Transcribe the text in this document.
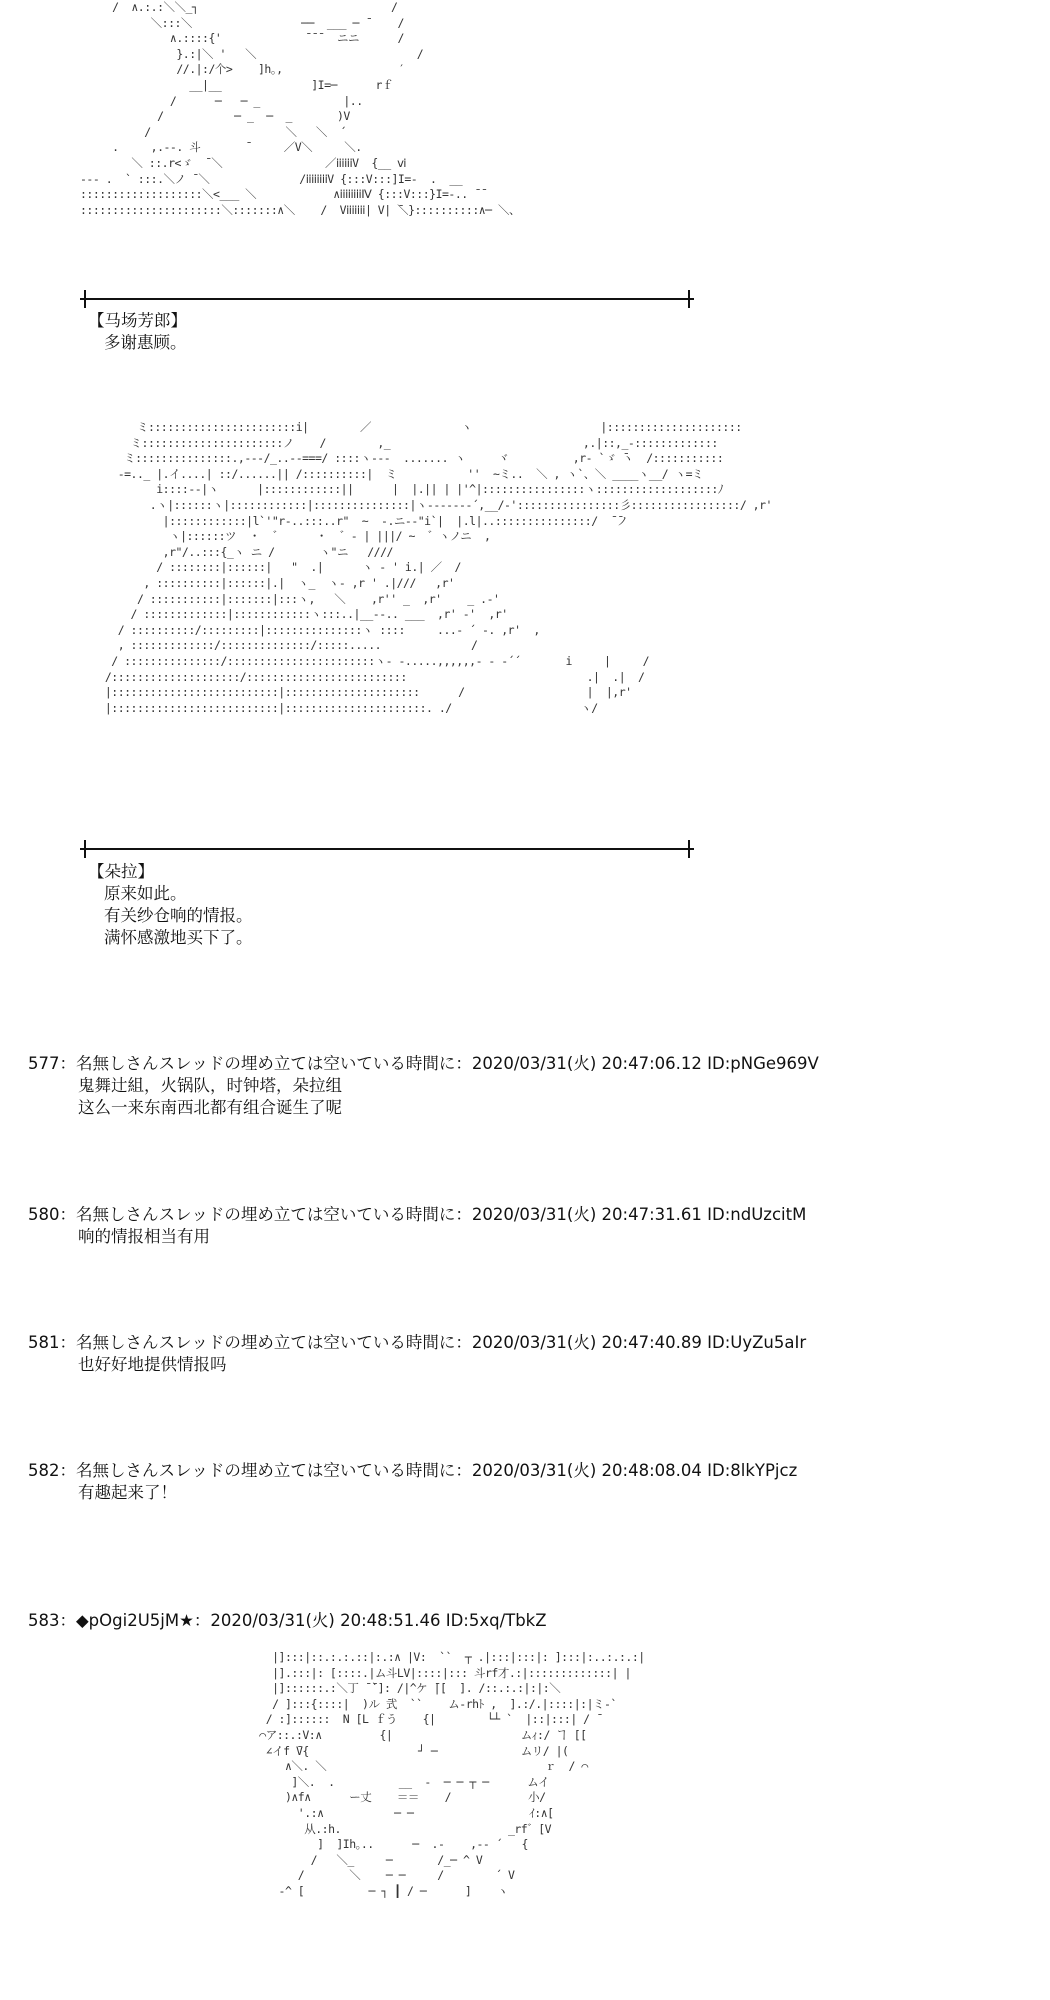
/  ∧.:.:＼＼_┐                              /
＼:::＼                 ──  ___ ─ ̄     /
∧.::::{'             ̄ ̄ ̄   ニニ      /
}.:|＼ '   ＼                         /
//.|:/个>    ]h｡,                  ′
__|__              ]I=─      rｆ
/      ─   ─ _             |..
/           ─ _  ─  _       )V
/                     ＼   ＼  ´
.     ,.-‐. 斗       ̄      ／V＼     ＼.
＼ ::.r<ゞ  ̄ ＼                ／ⅰⅰⅰⅰⅰⅰV  {__ ⅵ
--‐ .  ` :::.＼ノ ̄ ＼              /ⅰⅰⅰⅰⅰⅰⅰⅰV {:::V:::]I=-  .  __
:::::::::::::::::::＼<___ ＼            ∧ⅰⅰⅰⅰⅰⅰⅰⅰⅣ {:::V:::}I=-.. ̄ ̄
::::::::::::::::::::::＼:::::::∧＼    /  Vⅰⅰⅰⅰⅰⅰⅰ| V| ̄＼}::::::::::∧─ ＼、

【马场芳郎】
多谢惠顾。
ミ:::::::::::::::::::::::i|        ／              ヽ                    |:::::::::::::::::::::
ミ::::::::::::::::::::::ノ    /        ,_                              ,.|::,_-:::::::::::::
ミ:::::::::::::::.,-‐-/_..--===/ ::::ヽ---  ....... ヽ     ヾ          ,r- `ゞ ̄ヽ  /:::::::::::
-=.._ |.イ....| ::/......|| /::::::::::|  ミ           ''  ~ミ..  ＼ , ヽ`、＼ ____ヽ__/ ヽ=ミ
i::::-‐|ヽ      |::::::::::::||      |  |.|| | |'^|::::::::::::::::ヽ:::::::::::::::::::ﾉ
.ヽ|::::::ヽ|::::::::::::|:::::::::::::::|ヽ---‐‐‐‐´,__/-'::::::::::::::::彡:::::::::::::::::/ ,r'
|::::::::::::|l`'"r-..:::..r"  ~  -.ニ-‐"i`|  |.l|..:::::::::::::::/  ̄ ̄ノ
ヽ|::::::ツ  ・  ゛     ・  ゛- | |||/ ~  ゛ヽノニ  ,
,r"/..:::{_ヽ ニ /       ヽ"ニ   ////
/ ::::::::|::::::|   "  .|      ヽ - ' i.| ／  /
, ::::::::::|::::::|.|  ヽ_  ヽ- ,r ' .|///   ,r'
/ :::::::::::|:::::::|:::ヽ,   ＼    ,r'' _  ,r'    _ .-'
/ :::::::::::::|::::::::::::ヽ:::..|__--.. ___  ,r' -'  ,r'
/ ::::::::::/:::::::::|:::::::::::::::ヽ ::::     ...‐ ´ ‐. ,r'  ,
, :::::::::::::/::::::::::::::/:::::.....              /
/ :::::::::::::::/:::::::::::::::::::::::ヽ‐ ‐.....,,,,,,- ‐ ‐´´       i     |     /
/::::::::::::::::::::/:::::::::::::::::::::::::                            .|  .|  /
|::::::::::::::::::::::::::|:::::::::::::::::::::      /                   |  |,r'
|::::::::::::::::::::::::::|::::::::::::::::::::::. ./                    ヽ/

【朵拉】
原来如此。
有关纱仓响的情报。
满怀感激地买下了。
577：名無しさんスレッドの埋め立ては空いている時間に：2020/03/31(火) 20:47:06.12 ID:pNGe969V
鬼舞辻組，火锅队，时钟塔，朵拉组
这么一来东南西北都有组合诞生了呢
580：名無しさんスレッドの埋め立ては空いている時間に：2020/03/31(火) 20:47:31.61 ID:ndUzcitM
响的情报相当有用
581：名無しさんスレッドの埋め立ては空いている時間に：2020/03/31(火) 20:47:40.89 ID:UyZu5aIr
也好好地提供情报吗
582：名無しさんスレッドの埋め立ては空いている時間に：2020/03/31(火) 20:48:08.04 ID:8lkYPjcz
有趣起来了！
583：◆pOgi2U5jM★：2020/03/31(火) 20:48:51.46 ID:5xq/TbkZ
|]:::|::.:.:.::|:.:∧ |V:  ``  ┬ .|:::|:::|: ]:::|:..:.:.:|
|].:::|: [::::.|ム斗LV|::::|::: 斗rf才.:|:::::::::::::| |
|]::::::.:＼丁 ̄ ̄`]: /|^ケ ̄|[  ]. /::.:.:|:|:＼
/ ]:::{::::|  )ル ̄式  ``    ム-rhﾄ ,  ].:/.|::::|:|ミ-`
/ :]::::::  N [L ｆう    {|        └┴ `  |::|:::| / ̄
⌒ア::.:V:∧         {|                    ムｨ:/ ヿ [[
∠イf ̄V{                 ┘ ─             ムリ/ |(
∧＼. ＼                                  ｒ  / ⌒
]＼.  .          __  -  ─ ─ ┬ ─      ムイ
)∧f∧      ー丈    ＝＝    /            小/
'.:∧           ─ ─                  ｲ:∧[
从.:h.                          _rf゛[V
]  ]Ih｡..      ─  .-    ,-‐ ´   {
/   ＼_     ─       /_─ ^ V
/       ＼    ─ ─     /        ´ V
-^ [          ─ ┐ ┃ / ─      ]    ヽ
